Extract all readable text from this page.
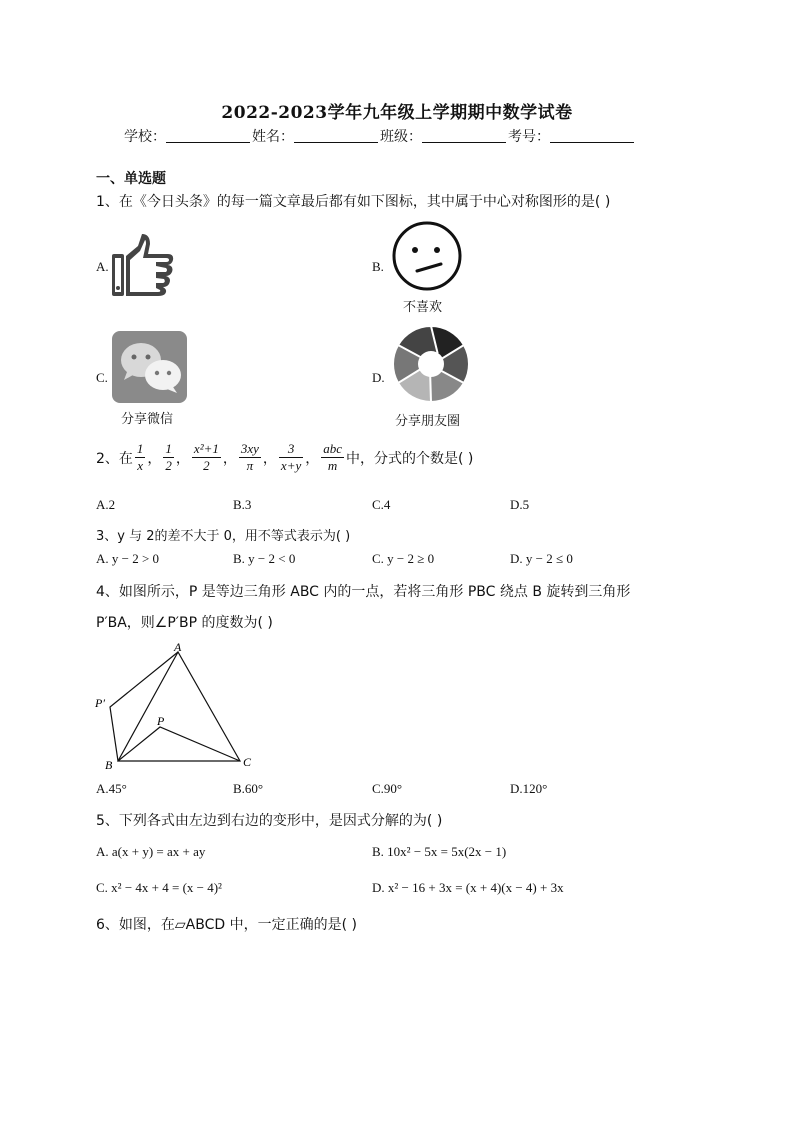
2022-2023学年九年级上学期期中数学试卷
学校：	姓名：	班级：	考号：
一、单选题
1、在《今日头条》的每一篇文章最后都有如下图标，其中属于中心对称图形的是( )
A.	B.
不喜欢
C.
分享微信
D.
分享朋友圈
2、在 $\frac{1}{x}$ ， $\frac{1}{2}$ ， $\frac{\text{x²+1}}{2}$ ， $\frac{3xy}{\pi}$ ， $\frac{3}{x+y}$ ， $\frac{\text{abc}}{m}$ 中，分式的个数是( )
A.2	B.3	C.4	D.5
3、y 与 2的差不大于 0，用不等式表示为( )
A. y − 2 > 0	B. y − 2 < 0	C. y − 2 ≥ 0	D. y − 2 ≤ 0
4、如图所示，P 是等边三角形 ABC 内的一点，若将三角形 PBC 绕点 B 旋转到三角形
P′BA，则∠P′BP 的度数为( )
A
B	C
P
P′
A.45°	B.60°	C.90°	D.120°
5、下列各式由左边到右边的变形中，是因式分解的为( )
A. a(x + y) = ax + ay	B. 10x² − 5x = 5x(2x − 1)
C. x² − 4x + 4 = (x − 4)²	D. x² − 16 + 3x = (x + 4)(x − 4) + 3x
6、如图，在▱ABCD 中，一定正确的是( )
